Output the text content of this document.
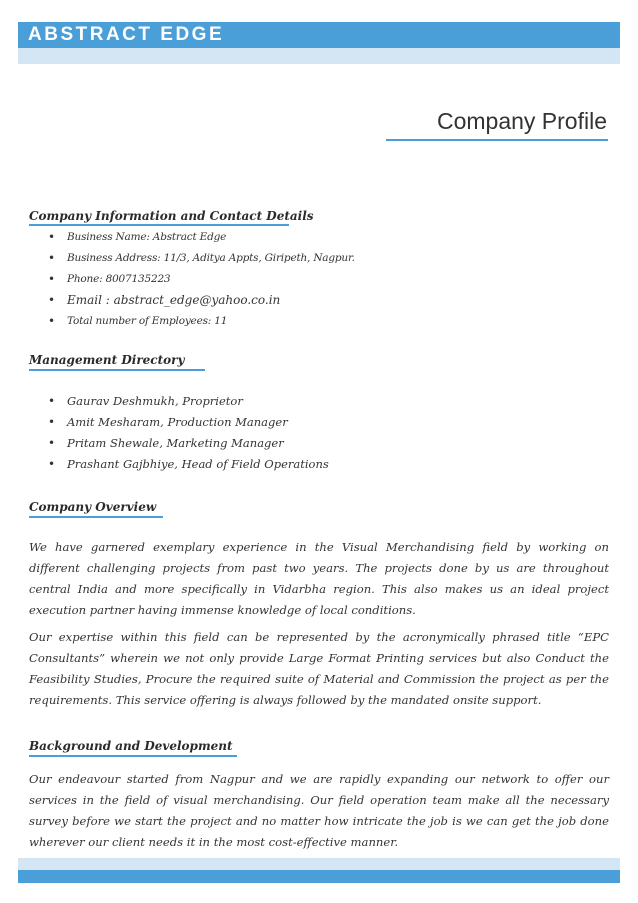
ABSTRACT EDGE
Company Profile
Company Information and Contact Details
• Business Name: Abstract Edge
• Business Address: 11/3, Aditya Appts, Giripeth, Nagpur.
• Phone: 8007135223
• Email : abstract_edge@yahoo.co.in
• Total number of Employees: 11
Management Directory
• Gaurav Deshmukh, Proprietor
• Amit Mesharam, Production Manager
• Pritam Shewale, Marketing Manager
• Prashant Gajbhiye, Head of Field Operations
Company Overview

We have garnered exemplary experience in the Visual Merchandising field by working on different challenging projects from past two years. The projects done by us are throughout central India and more specifically in Vidarbha region. This also makes us an ideal project execution partner having immense knowledge of local conditions.

Our expertise within this field can be represented by the acronymically phrased title “EPC Consultants” wherein we not only provide Large Format Printing services but also Conduct the Feasibility Studies, Procure the required suite of Material and Commission the project as per the requirements. This service offering is always followed by the mandated onsite support.

Background and Development

Our endeavour started from Nagpur and we are rapidly expanding our network to offer our services in the field of visual merchandising. Our field operation team make all the necessary survey before we start the project and no matter how intricate the job is we can get the job done wherever our client needs it in the most cost-effective manner.
